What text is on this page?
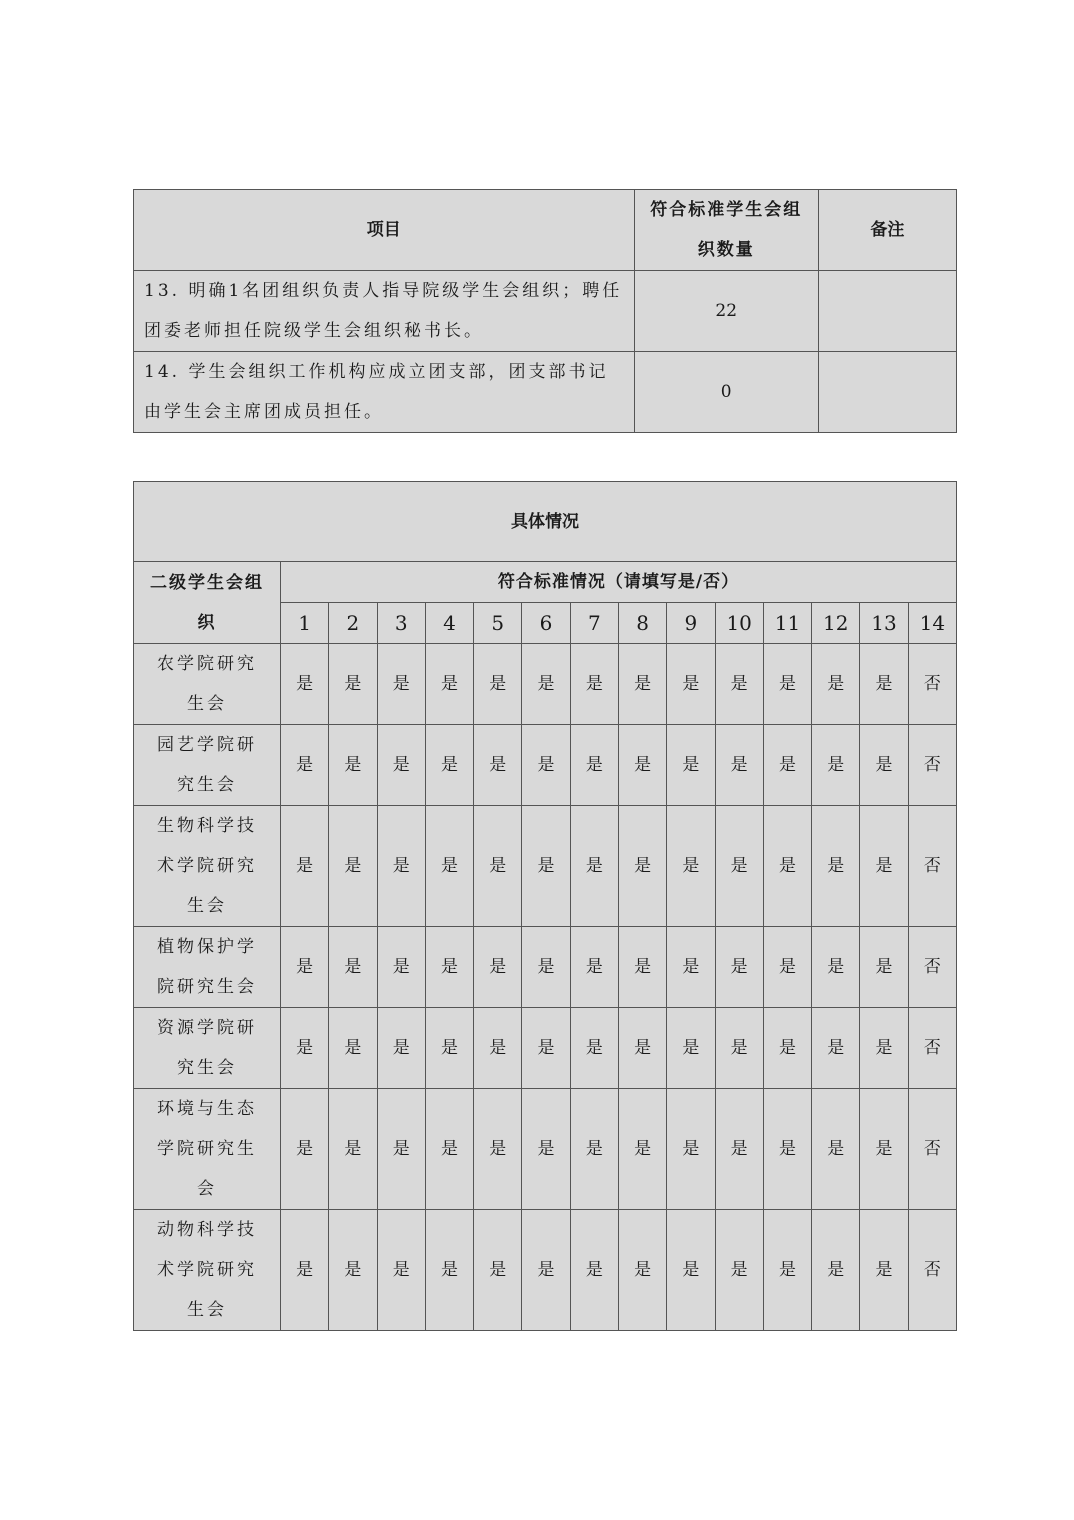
项目	符合标准学生会组织数量	备注
13. 明确1名团组织负责人指导院级学生会组织；聘任团委老师担任院级学生会组织秘书长。	22	
14. 学生会组织工作机构应成立团支部，团支部书记由学生会主席团成员担任。	0	
具体情况														
二级学生会组织	符合标准情况（请填写是/否）													
	1	2	3	4	5	6	7	8	9	10	11	12	13	14
农学院研究生会	是	是	是	是	是	是	是	是	是	是	是	是	是	否
园艺学院研究生会	是	是	是	是	是	是	是	是	是	是	是	是	是	否
生物科学技术学院研究生会	是	是	是	是	是	是	是	是	是	是	是	是	是	否
植物保护学院研究生会	是	是	是	是	是	是	是	是	是	是	是	是	是	否
资源学院研究生会	是	是	是	是	是	是	是	是	是	是	是	是	是	否
环境与生态学院研究生会	是	是	是	是	是	是	是	是	是	是	是	是	是	否
动物科学技术学院研究生会	是	是	是	是	是	是	是	是	是	是	是	是	是	否
